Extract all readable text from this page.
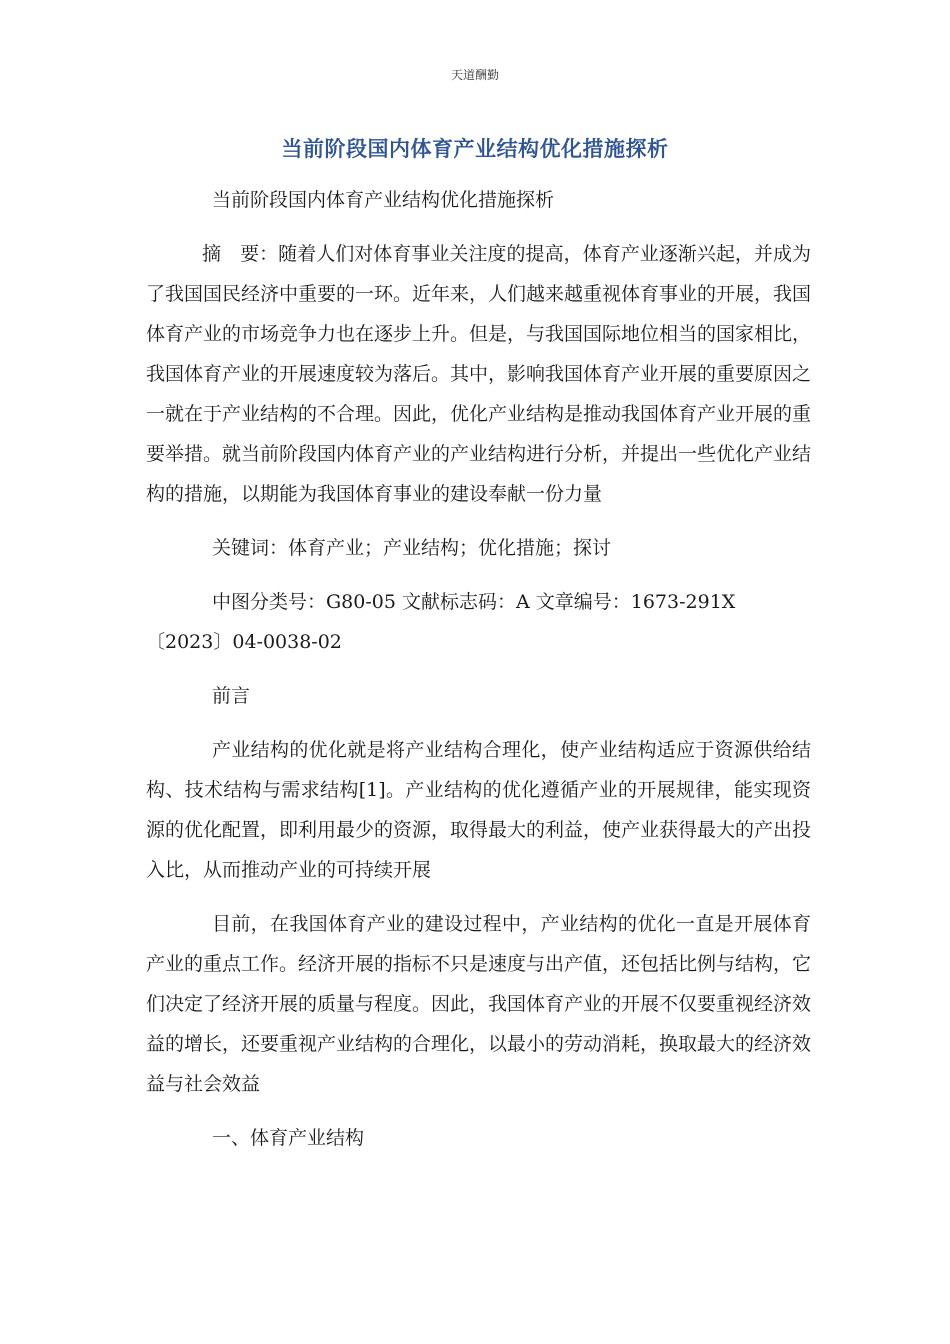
天道酬勤
当前阶段国内体育产业结构优化措施探析

当前阶段国内体育产业结构优化措施探析

摘　要：随着人们对体育事业关注度的提高，体育产业逐渐兴起，并成为了我国国民经济中重要的一环。近年来，人们越来越重视体育事业的开展，我国体育产业的市场竞争力也在逐步上升。但是，与我国国际地位相当的国家相比，我国体育产业的开展速度较为落后。其中，影响我国体育产业开展的重要原因之一就在于产业结构的不合理。因此，优化产业结构是推动我国体育产业开展的重要举措。就当前阶段国内体育产业的产业结构进行分析，并提出一些优化产业结构的措施，以期能为我国体育事业的建设奉献一份力量

关键词：体育产业；产业结构；优化措施；探讨

中图分类号：G80-05 文献标志码：A 文章编号：1673-291X〔2023〕04-0038-02

前言

产业结构的优化就是将产业结构合理化，使产业结构适应于资源供给结构、技术结构与需求结构[1]。产业结构的优化遵循产业的开展规律，能实现资源的优化配置，即利用最少的资源，取得最大的利益，使产业获得最大的产出投入比，从而推动产业的可持续开展

目前，在我国体育产业的建设过程中，产业结构的优化一直是开展体育产业的重点工作。经济开展的指标不只是速度与出产值，还包括比例与结构，它们决定了经济开展的质量与程度。因此，我国体育产业的开展不仅要重视经济效益的增长，还要重视产业结构的合理化，以最小的劳动消耗，换取最大的经济效益与社会效益

一、体育产业结构
